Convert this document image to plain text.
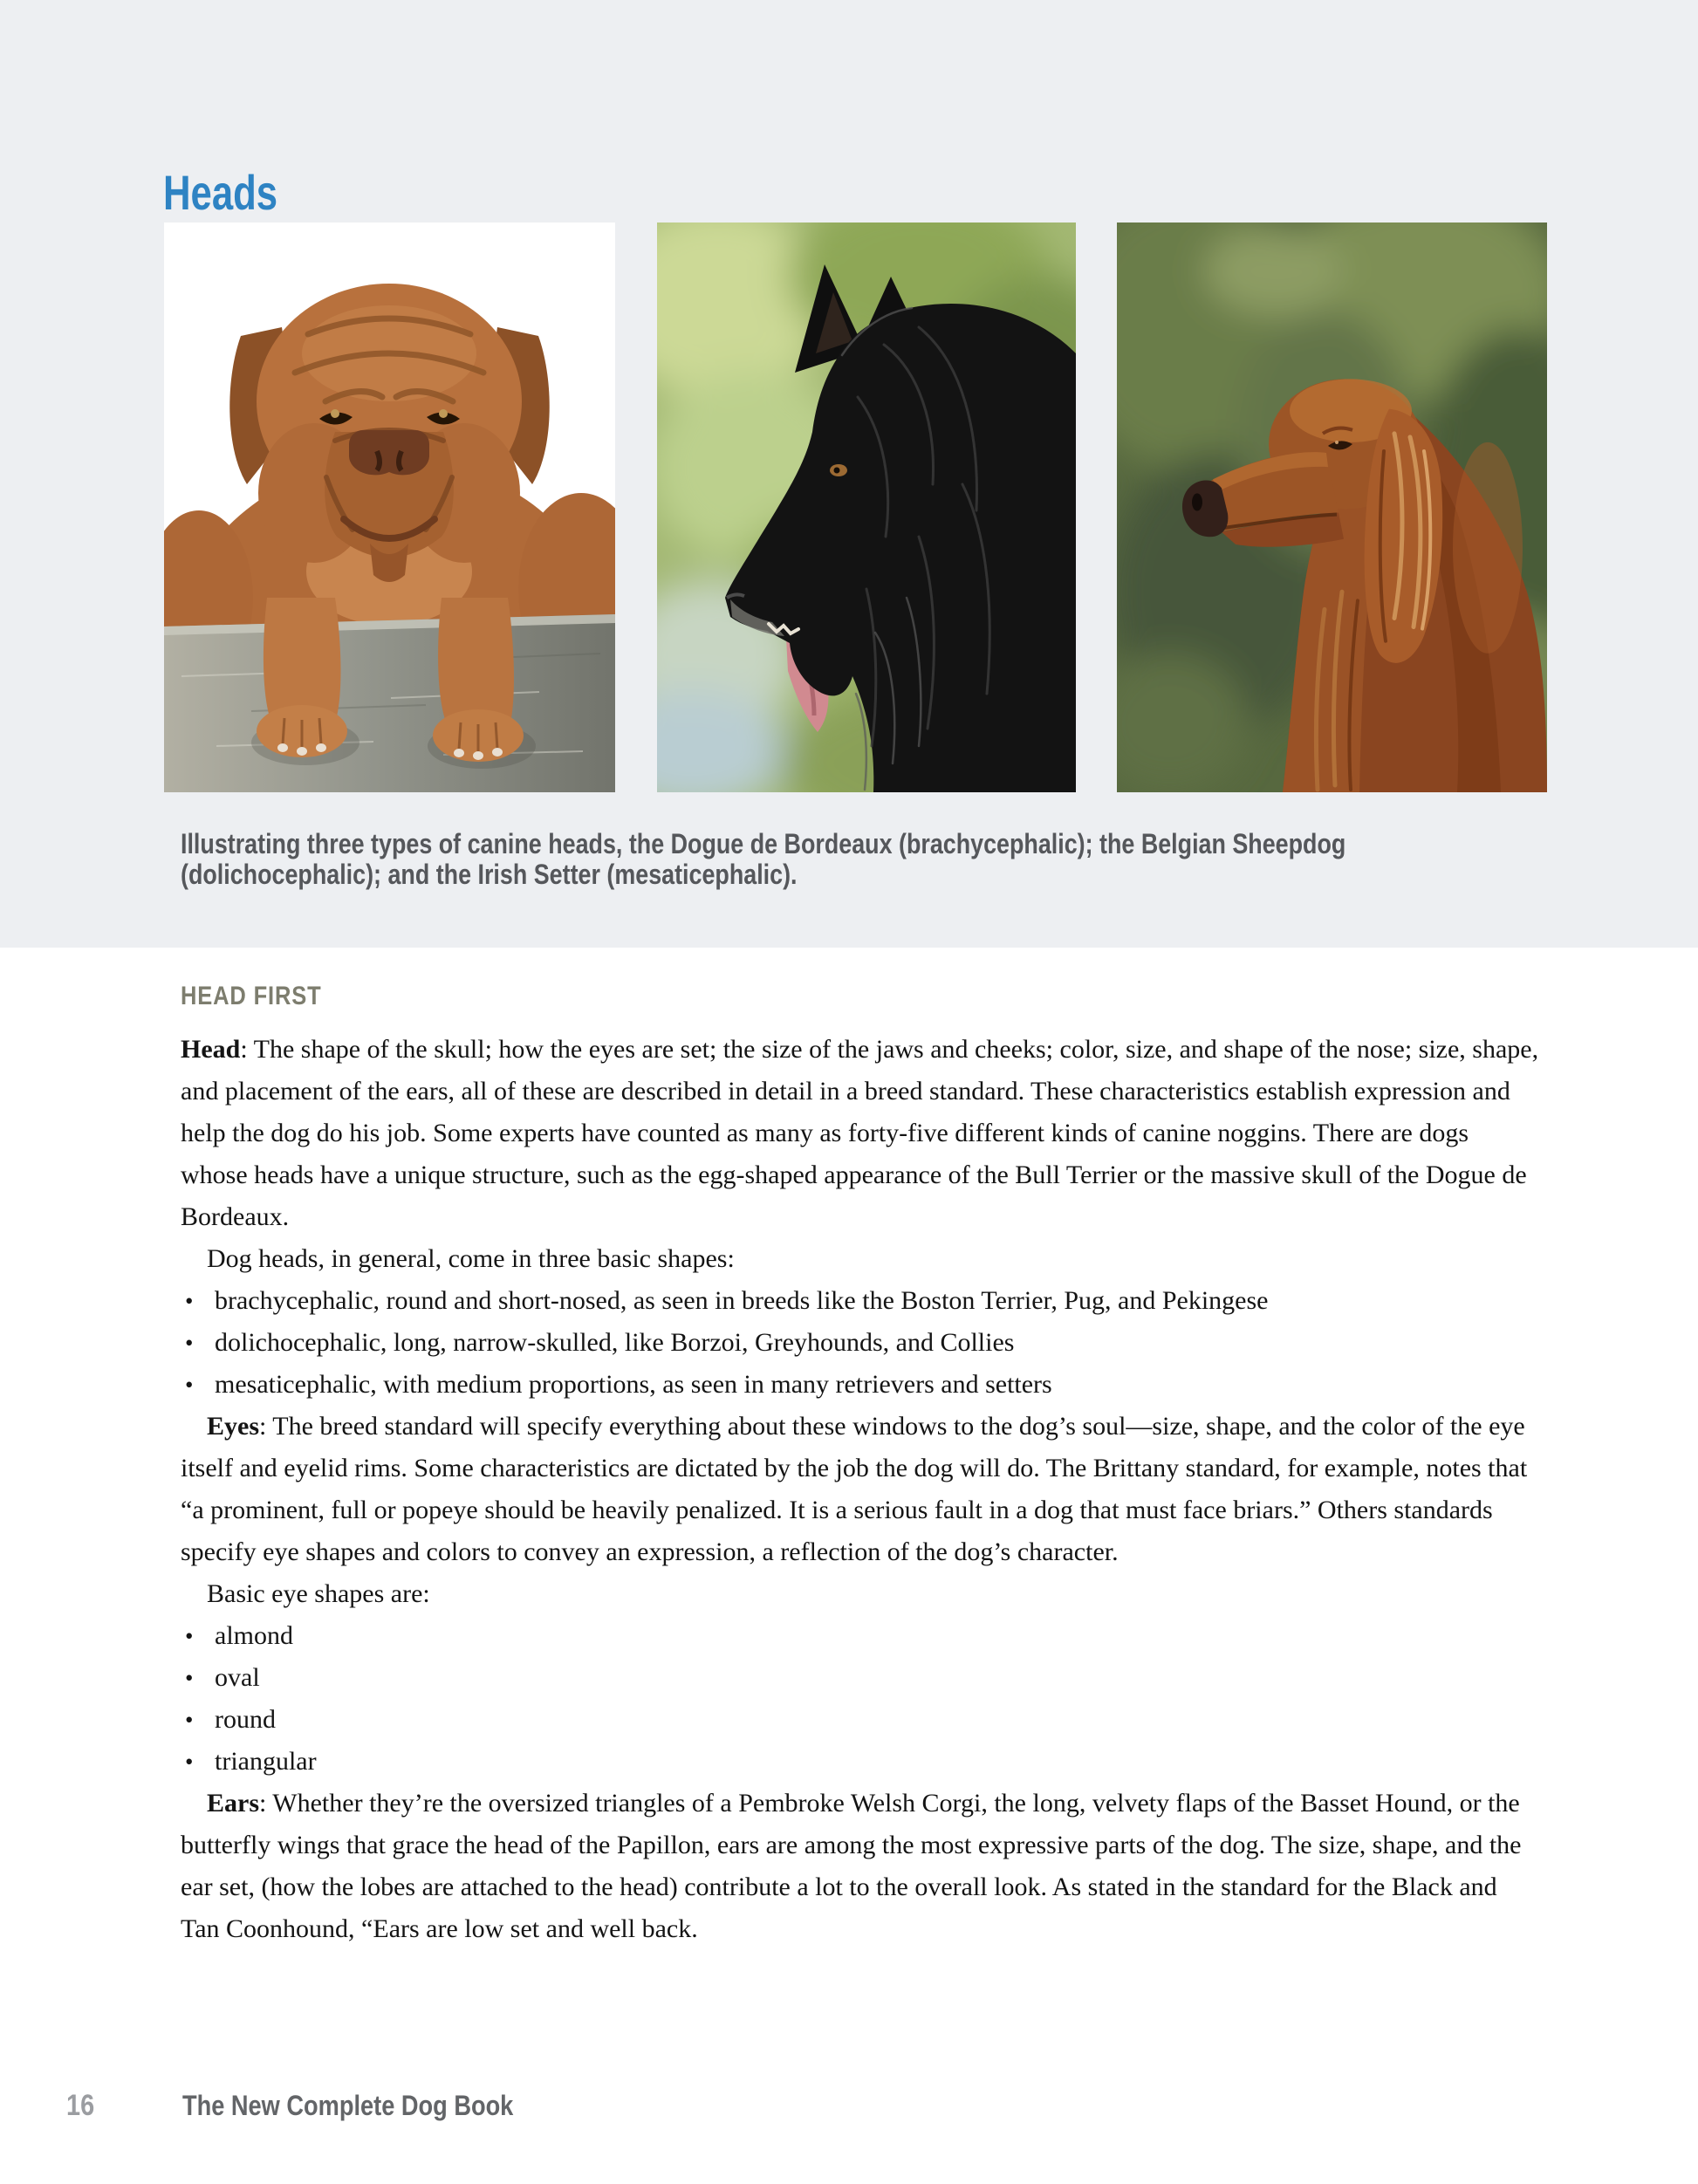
Heads

Illustrating three types of canine heads, the Dogue de Bordeaux (brachycephalic); the Belgian Sheepdog
(dolichocephalic); and the Irish Setter (mesaticephalic).

HEAD FIRST

Head: The shape of the skull; how the eyes are set; the size of the jaws and cheeks; color, size, and shape of the nose; size, shape, and placement of the ears, all of these are described in detail in a breed standard. These characteristics establish expression and help the dog do his job. Some experts have counted as many as forty-five different kinds of canine noggins. There are dogs whose heads have a unique structure, such as the egg-shaped appearance of the Bull Terrier or the massive skull of the Dogue de Bordeaux.

Dog heads, in general, come in three basic shapes:

• brachycephalic, round and short-nosed, as seen in breeds like the Boston Terrier, Pug, and Pekingese
• dolichocephalic, long, narrow-skulled, like Borzoi, Greyhounds, and Collies
• mesaticephalic, with medium proportions, as seen in many retrievers and setters

Eyes: The breed standard will specify everything about these windows to the dog’s soul—size, shape, and the color of the eye itself and eyelid rims. Some characteristics are dictated by the job the dog will do. The Brittany standard, for example, notes that “a prominent, full or popeye should be heavily penalized. It is a serious fault in a dog that must face briars.” Others standards specify eye shapes and colors to convey an expression, a reflection of the dog’s character.

Basic eye shapes are:

• almond
• oval
• round
• triangular

Ears: Whether they’re the oversized triangles of a Pembroke Welsh Corgi, the long, velvety flaps of the Basset Hound, or the butterfly wings that grace the head of the Papillon, ears are among the most expressive parts of the dog. The size, shape, and the ear set, (how the lobes are attached to the head) contribute a lot to the overall look. As stated in the standard for the Black and Tan Coonhound, “Ears are low set and well back.

16	The New Complete Dog Book
